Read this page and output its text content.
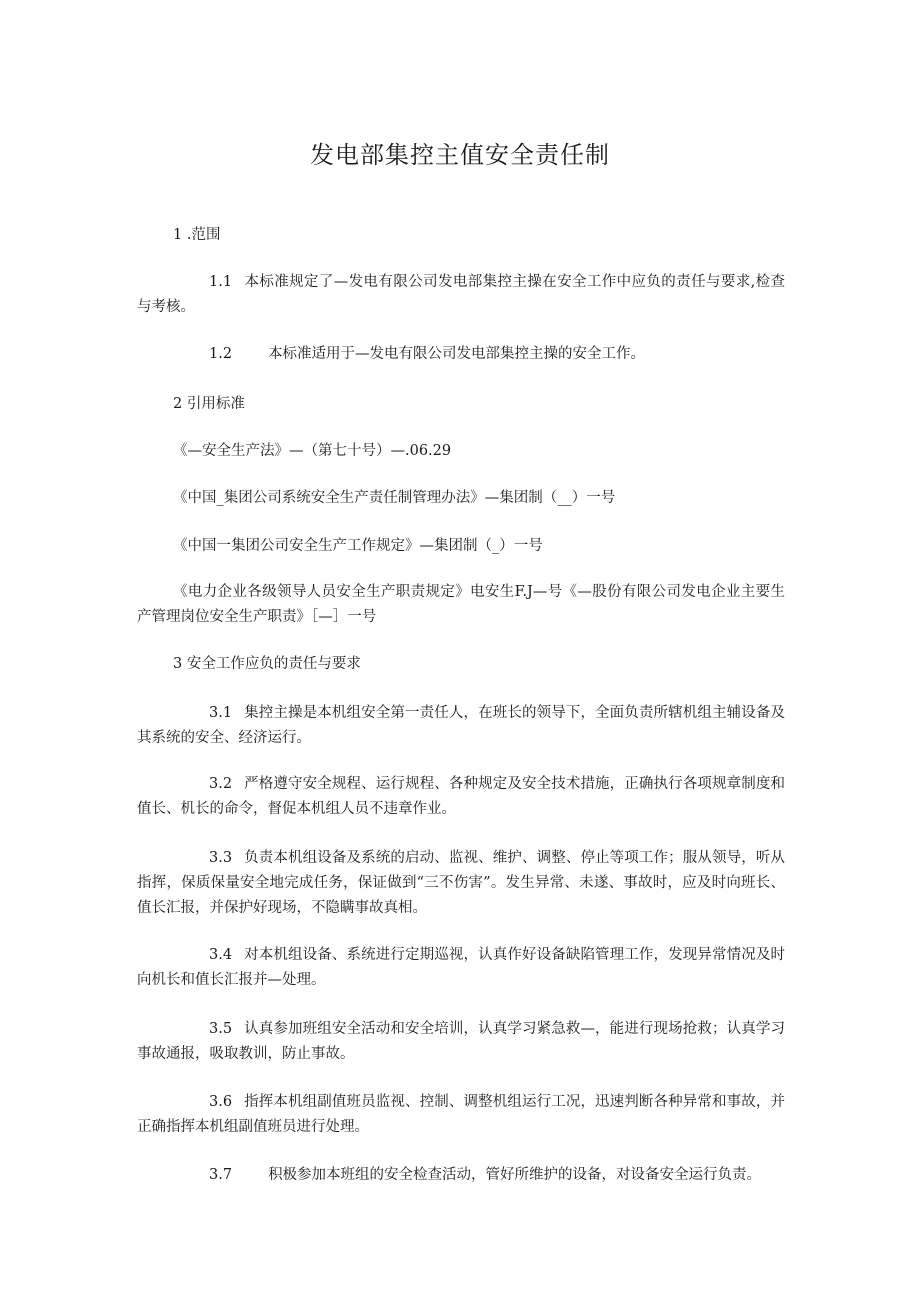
发电部集控主值安全责任制
1 .范围
1.1 本标准规定了—发电有限公司发电部集控主操在安全工作中应负的责任与要求,检查与考核。
1.2 本标准适用于—发电有限公司发电部集控主操的安全工作。
2 引用标准
《—安全生产法》—（第七十号）—.06.29
《中国_集团公司系统安全生产责任制管理办法》—集团制（__）一号
《中国一集团公司安全生产工作规定》—集团制（_）一号
《电力企业各级领导人员安全生产职责规定》电安生F.J—号《—股份有限公司发电企业主要生产管理岗位安全生产职责》［—］一号
3 安全工作应负的责任与要求
3.1 集控主操是本机组安全第一责任人，在班长的领导下，全面负责所辖机组主辅设备及其系统的安全、经济运行。
3.2 严格遵守安全规程、运行规程、各种规定及安全技术措施，正确执行各项规章制度和值长、机长的命令，督促本机组人员不违章作业。
3.3 负责本机组设备及系统的启动、监视、维护、调整、停止等项工作；服从领导，听从指挥，保质保量安全地完成任务，保证做到“三不伤害”。发生异常、未遂、事故时，应及时向班长、值长汇报，并保护好现场，不隐瞒事故真相。
3.4 对本机组设备、系统进行定期巡视，认真作好设备缺陷管理工作，发现异常情况及时向机长和值长汇报并—处理。
3.5 认真参加班组安全活动和安全培训，认真学习紧急救—，能进行现场抢救；认真学习事故通报，吸取教训，防止事故。
3.6 指挥本机组副值班员监视、控制、调整机组运行工况，迅速判断各种异常和事故，并正确指挥本机组副值班员进行处理。
3.7 积极参加本班组的安全检查活动，管好所维护的设备，对设备安全运行负责。
